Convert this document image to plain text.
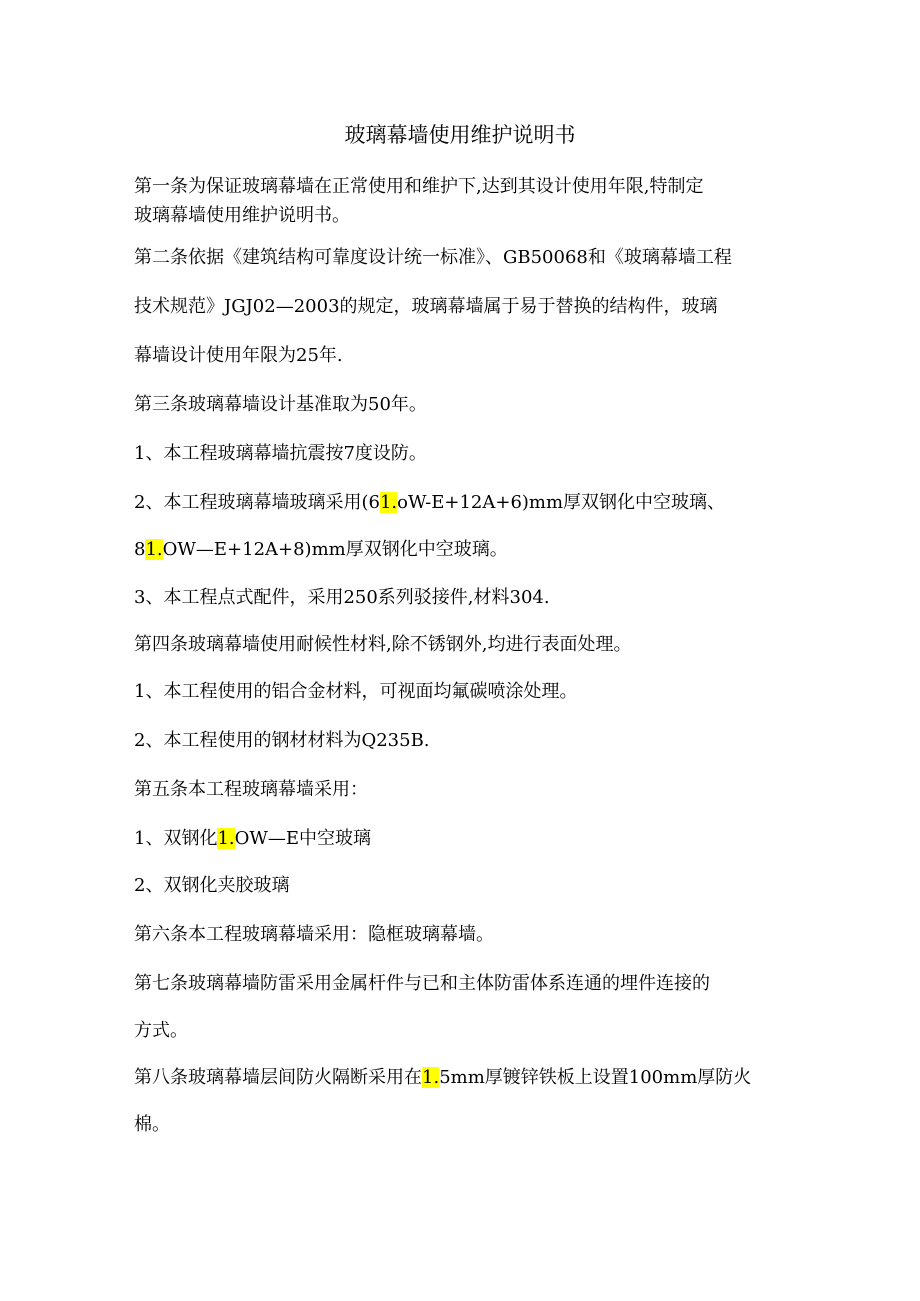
玻璃幕墙使用维护说明书
第一条为保证玻璃幕墙在正常使用和维护下,达到其设计使用年限,特制定
玻璃幕墙使用维护说明书。
第二条依据《建筑结构可靠度设计统一标准》、GB50068和《玻璃幕墙工程
技术规范》JGJ02—2003的规定，玻璃幕墙属于易于替换的结构件，玻璃
幕墙设计使用年限为25年.
第三条玻璃幕墙设计基准取为50年。
1、本工程玻璃幕墙抗震按7度设防。
2、本工程玻璃幕墙玻璃采用(61.oW-E+12A+6)mm厚双钢化中空玻璃、
81.OW—E+12A+8)mm厚双钢化中空玻璃。
3、本工程点式配件，采用250系列驳接件,材料304.
第四条玻璃幕墙使用耐候性材料,除不锈钢外,均进行表面处理。
1、本工程使用的铝合金材料，可视面均氟碳喷涂处理。
2、本工程使用的钢材材料为Q235B.
第五条本工程玻璃幕墙采用：
1、双钢化1.OW—E中空玻璃
2、双钢化夹胶玻璃
第六条本工程玻璃幕墙采用：隐框玻璃幕墙。
第七条玻璃幕墙防雷采用金属杆件与已和主体防雷体系连通的埋件连接的
方式。
第八条玻璃幕墙层间防火隔断采用在1.5mm厚镀锌铁板上设置100mm厚防火
棉。
